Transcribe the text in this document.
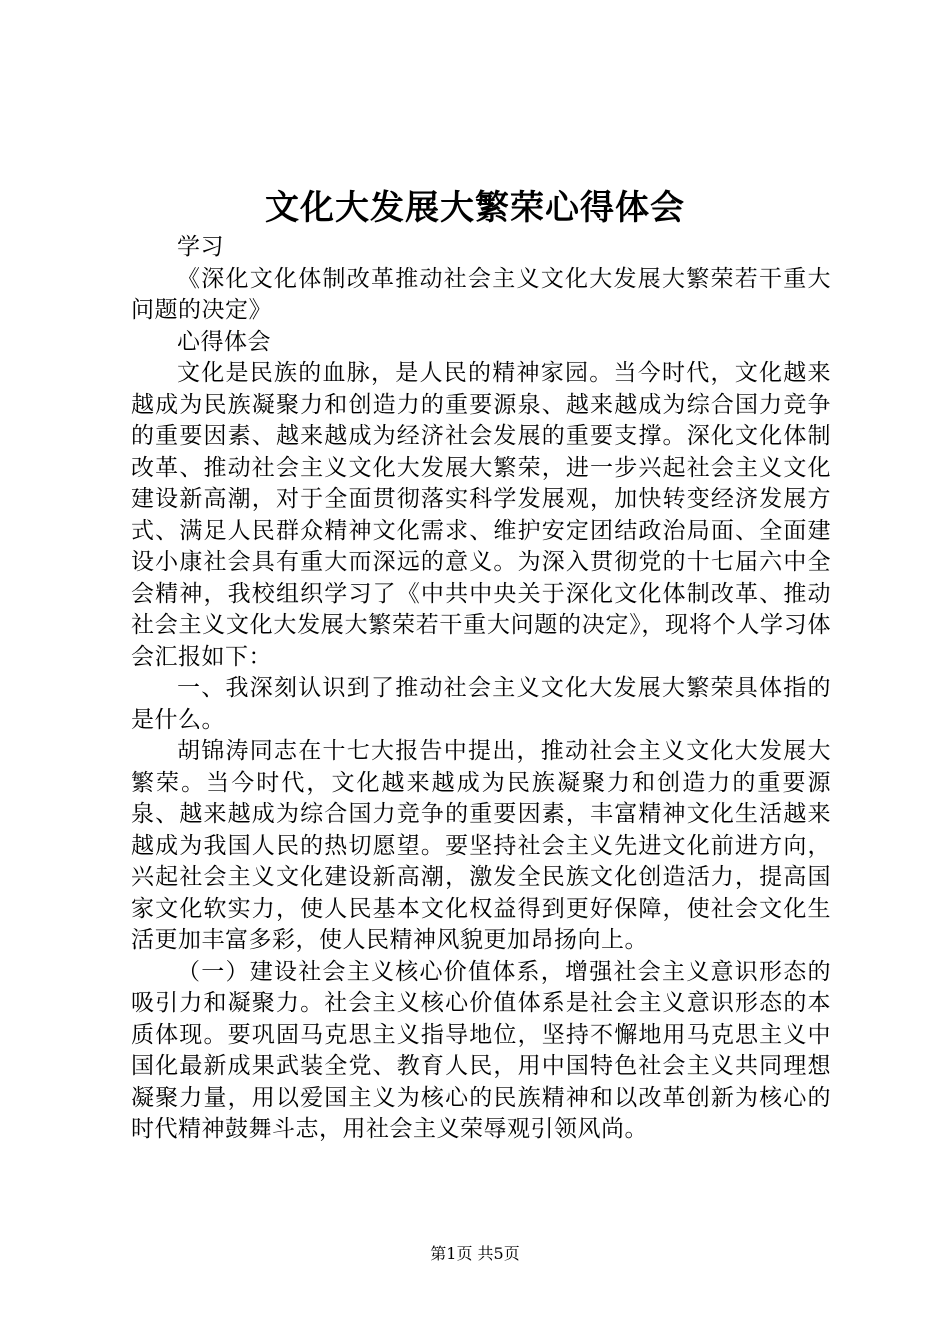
文化大发展大繁荣心得体会

学习

《深化文化体制改革推动社会主义文化大发展大繁荣若干重大问题的决定》

心得体会

文化是民族的血脉，是人民的精神家园。当今时代，文化越来越成为民族凝聚力和创造力的重要源泉、越来越成为综合国力竞争的重要因素、越来越成为经济社会发展的重要支撑。深化文化体制改革、推动社会主义文化大发展大繁荣，进一步兴起社会主义文化建设新高潮，对于全面贯彻落实科学发展观，加快转变经济发展方式、满足人民群众精神文化需求、维护安定团结政治局面、全面建设小康社会具有重大而深远的意义。为深入贯彻党的十七届六中全会精神，我校组织学习了《中共中央关于深化文化体制改革、推动社会主义文化大发展大繁荣若干重大问题的决定》，现将个人学习体会汇报如下：

一、我深刻认识到了推动社会主义文化大发展大繁荣具体指的是什么。

胡锦涛同志在十七大报告中提出，推动社会主义文化大发展大繁荣。当今时代，文化越来越成为民族凝聚力和创造力的重要源泉、越来越成为综合国力竞争的重要因素，丰富精神文化生活越来越成为我国人民的热切愿望。要坚持社会主义先进文化前进方向，兴起社会主义文化建设新高潮，激发全民族文化创造活力，提高国家文化软实力，使人民基本文化权益得到更好保障，使社会文化生活更加丰富多彩，使人民精神风貌更加昂扬向上。

（一）建设社会主义核心价值体系，增强社会主义意识形态的吸引力和凝聚力。社会主义核心价值体系是社会主义意识形态的本质体现。要巩固马克思主义指导地位，坚持不懈地用马克思主义中国化最新成果武装全党、教育人民，用中国特色社会主义共同理想凝聚力量，用以爱国主义为核心的民族精神和以改革创新为核心的时代精神鼓舞斗志，用社会主义荣辱观引领风尚。

第1页 共5页
